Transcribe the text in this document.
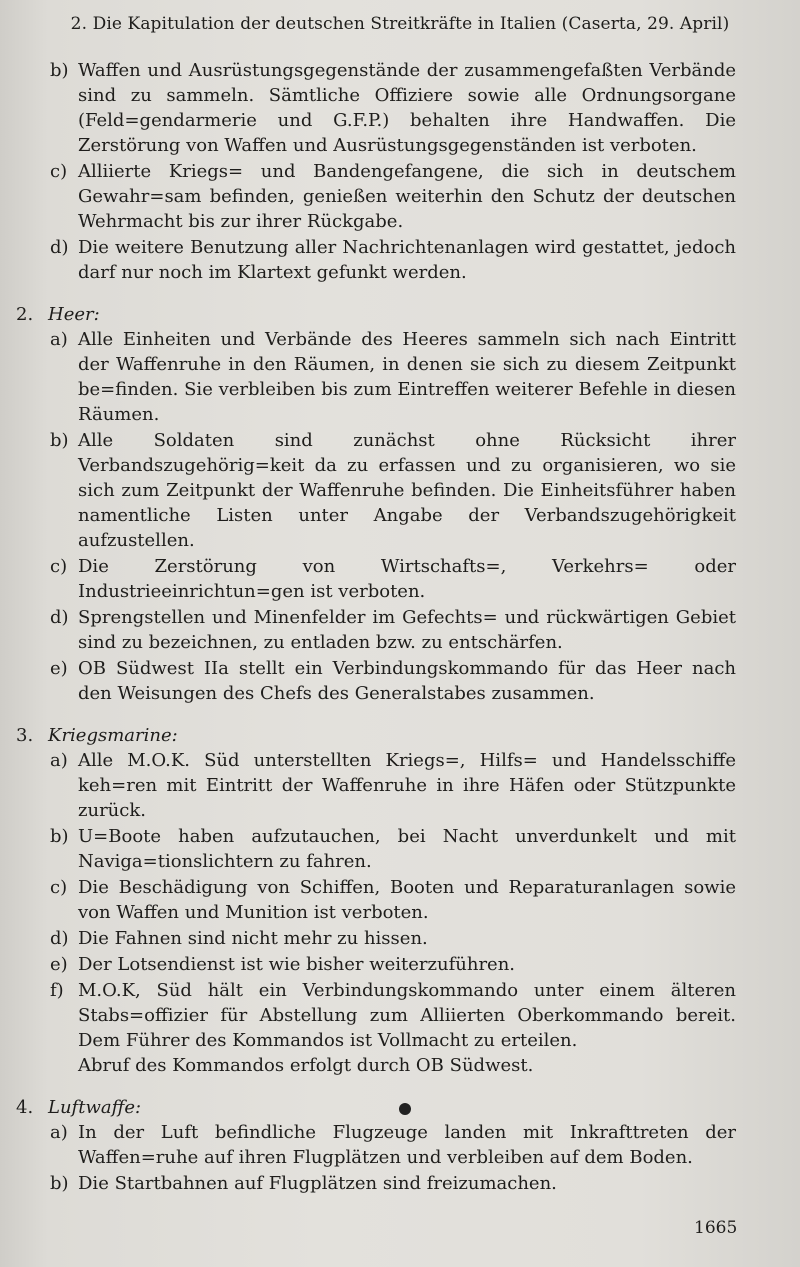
2. Die Kapitulation der deutschen Streitkräfte in Italien (Caserta, 29. April)
b) Waffen und Ausrüstungsgegenstände der zusammengefaßten Verbände sind zu sammeln. Sämtliche Offiziere sowie alle Ordnungsorgane (Feld=gendarmerie und G.F.P.) behalten ihre Handwaffen. Die Zerstörung von Waffen und Ausrüstungsgegenständen ist verboten.
c) Alliierte Kriegs= und Bandengefangene, die sich in deutschem Gewahr=sam befinden, genießen weiterhin den Schutz der deutschen Wehrmacht bis zur ihrer Rückgabe.
d) Die weitere Benutzung aller Nachrichtenanlagen wird gestattet, jedoch darf nur noch im Klartext gefunkt werden.
2. Heer:
a) Alle Einheiten und Verbände des Heeres sammeln sich nach Eintritt der Waffenruhe in den Räumen, in denen sie sich zu diesem Zeitpunkt be=finden. Sie verbleiben bis zum Eintreffen weiterer Befehle in diesen Räumen.
b) Alle Soldaten sind zunächst ohne Rücksicht ihrer Verbandszugehörig=keit da zu erfassen und zu organisieren, wo sie sich zum Zeitpunkt der Waffenruhe befinden. Die Einheitsführer haben namentliche Listen unter Angabe der Verbandszugehörigkeit aufzustellen.
c) Die Zerstörung von Wirtschafts=, Verkehrs= oder Industrieeinrichtun=gen ist verboten.
d) Sprengstellen und Minenfelder im Gefechts= und rückwärtigen Gebiet sind zu bezeichnen, zu entladen bzw. zu entschärfen.
e) OB Südwest IIa stellt ein Verbindungskommando für das Heer nach den Weisungen des Chefs des Generalstabes zusammen.
3. Kriegsmarine:
a) Alle M.O.K. Süd unterstellten Kriegs=, Hilfs= und Handelsschiffe keh=ren mit Eintritt der Waffenruhe in ihre Häfen oder Stützpunkte zurück.
b) U=Boote haben aufzutauchen, bei Nacht unverdunkelt und mit Naviga=tionslichtern zu fahren.
c) Die Beschädigung von Schiffen, Booten und Reparaturanlagen sowie von Waffen und Munition ist verboten.
d) Die Fahnen sind nicht mehr zu hissen.
e) Der Lotsendienst ist wie bisher weiterzuführen.
f) M.O.K, Süd hält ein Verbindungskommando unter einem älteren Stabs=offizier für Abstellung zum Alliierten Oberkommando bereit. Dem Führer des Kommandos ist Vollmacht zu erteilen.
Abruf des Kommandos erfolgt durch OB Südwest.
4. Luftwaffe:
a) In der Luft befindliche Flugzeuge landen mit Inkrafttreten der Waffen=ruhe auf ihren Flugplätzen und verbleiben auf dem Boden.
b) Die Startbahnen auf Flugplätzen sind freizumachen.
1665
